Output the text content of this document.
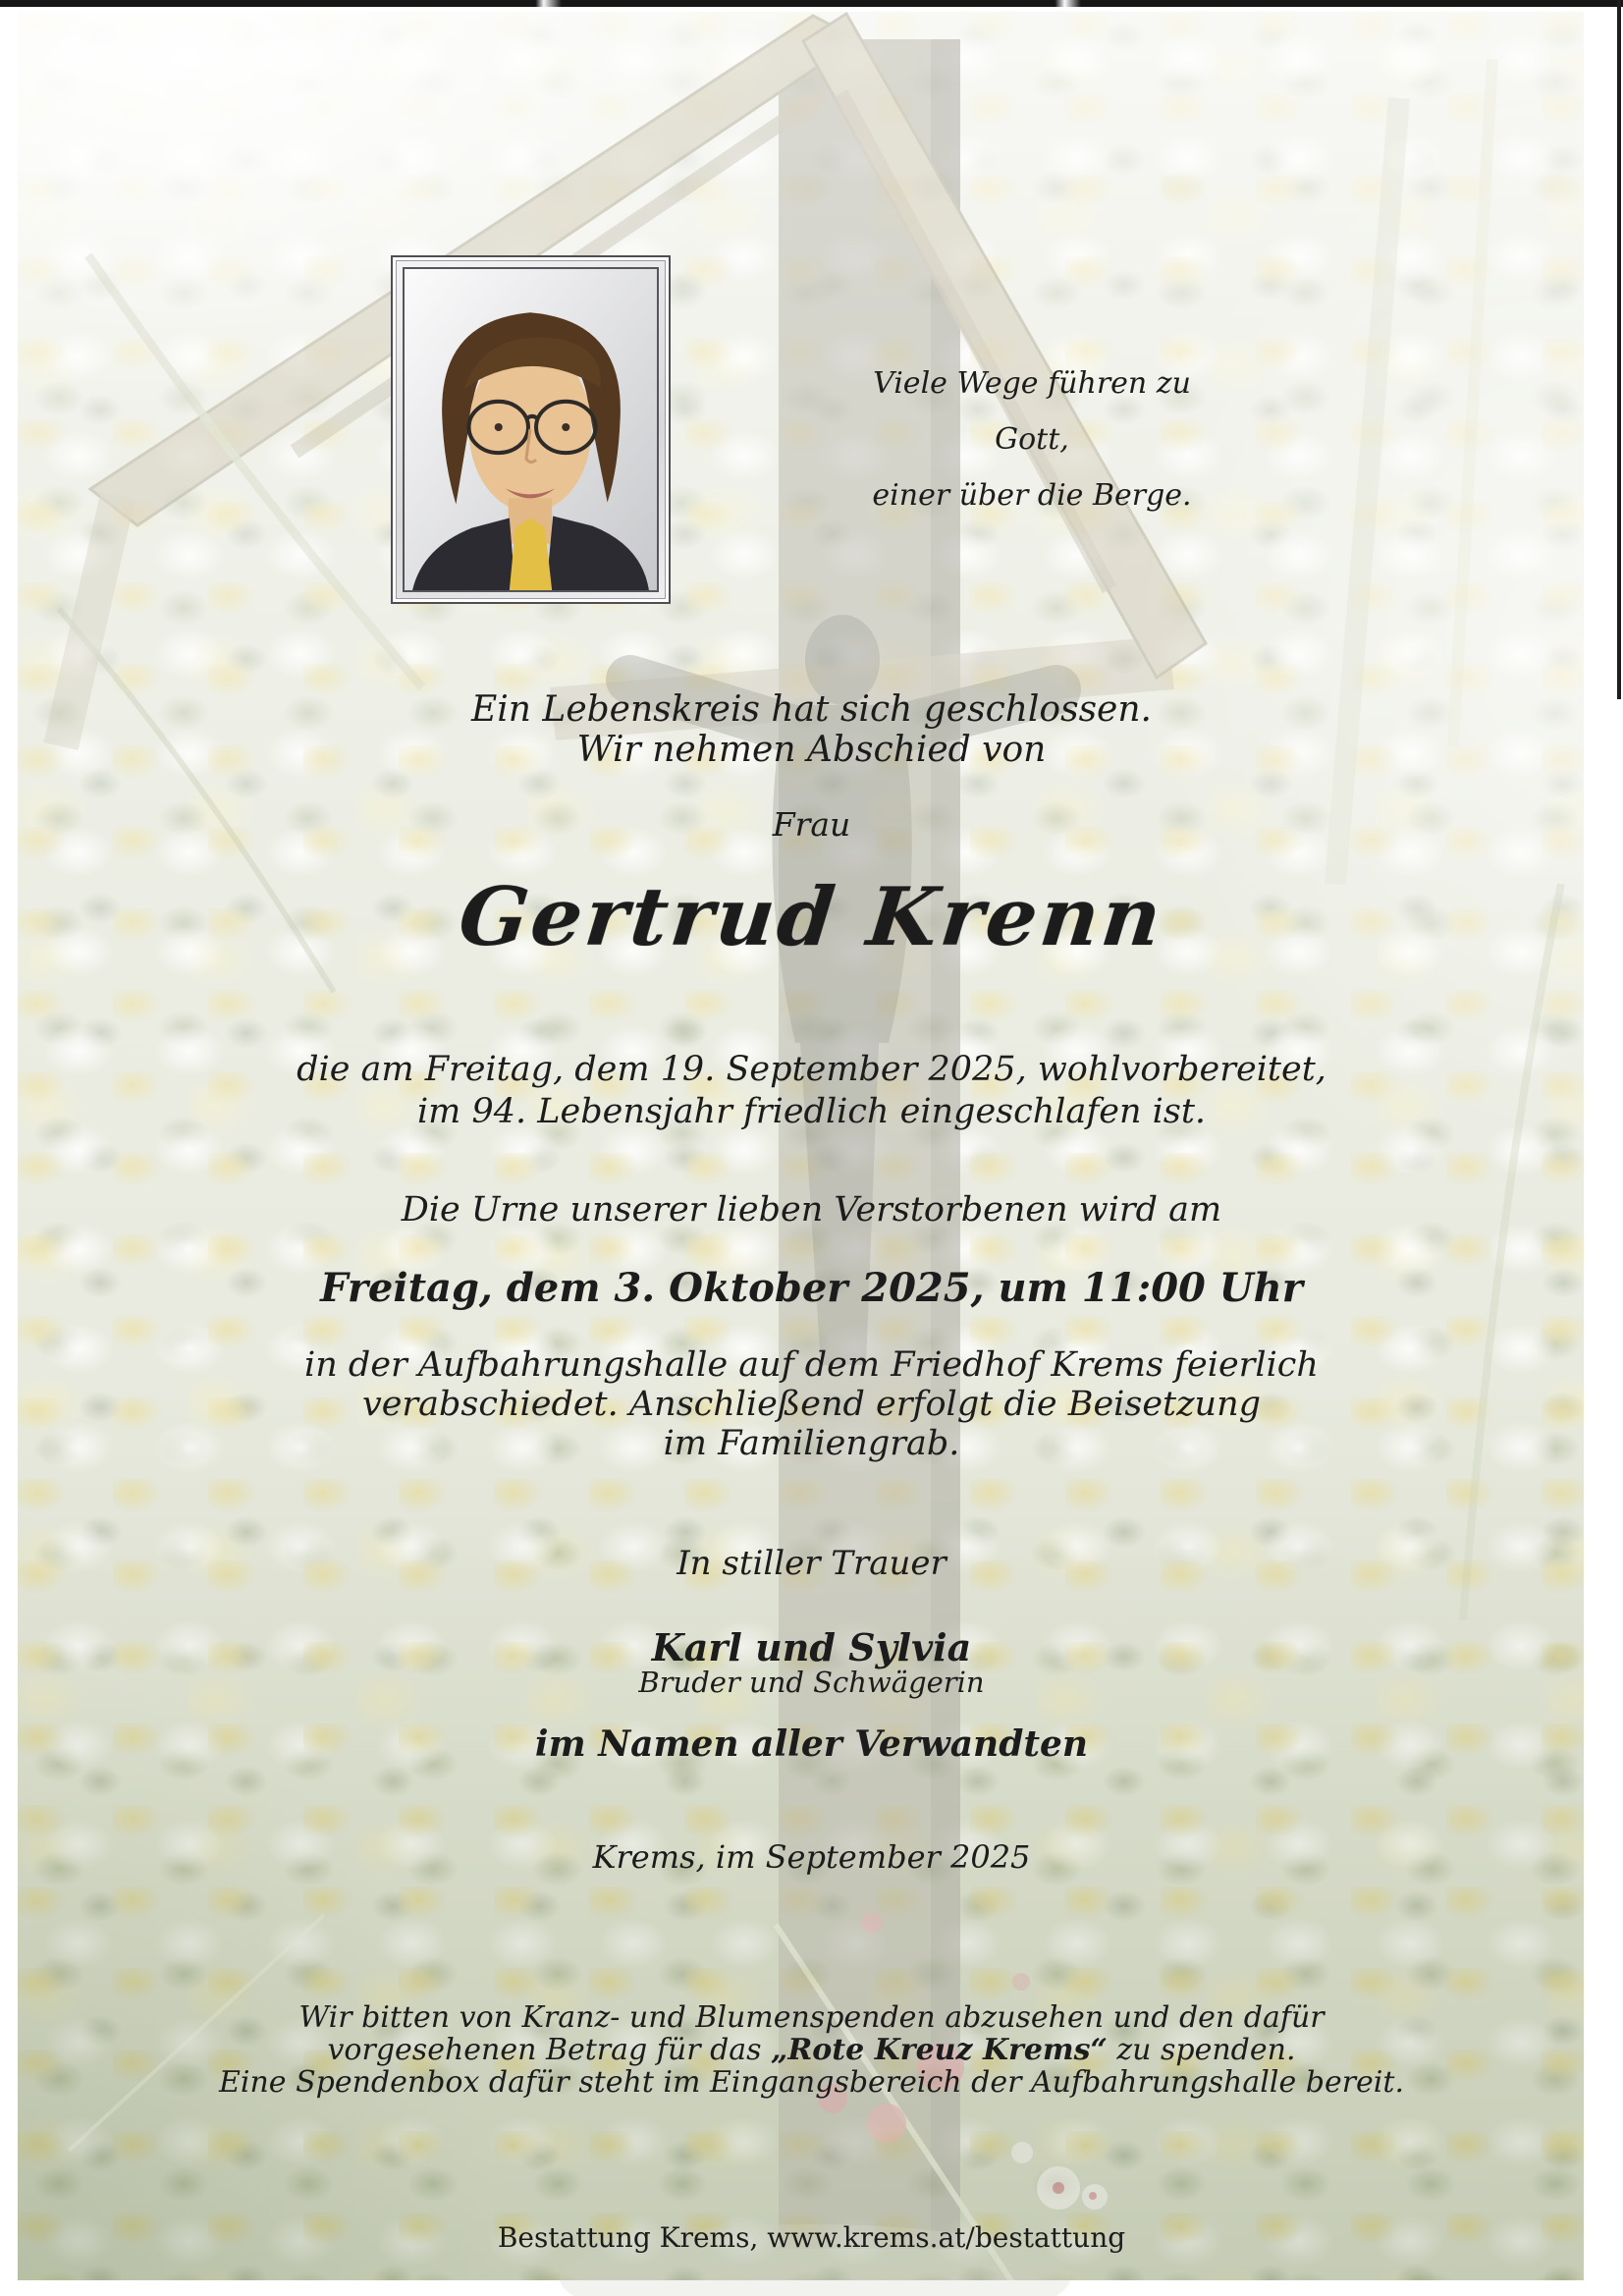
Viele Wege führen zu Gott,
einer über die Berge.
Ein Lebenskreis hat sich geschlossen.
Wir nehmen Abschied von
Frau
Gertrud Krenn
die am Freitag, dem 19. September 2025, wohlvorbereitet,
im 94. Lebensjahr friedlich eingeschlafen ist.
Die Urne unserer lieben Verstorbenen wird am
Freitag, dem 3. Oktober 2025, um 11:00 Uhr
in der Aufbahrungshalle auf dem Friedhof Krems feierlich
verabschiedet. Anschließend erfolgt die Beisetzung
im Familiengrab.
In stiller Trauer
Karl und Sylvia
Bruder und Schwägerin
im Namen aller Verwandten
Krems, im September 2025
Wir bitten von Kranz- und Blumenspenden abzusehen und den dafür
vorgesehenen Betrag für das „Rote Kreuz Krems“ zu spenden.
Eine Spendenbox dafür steht im Eingangsbereich der Aufbahrungshalle bereit.
Bestattung Krems, www.krems.at/bestattung
